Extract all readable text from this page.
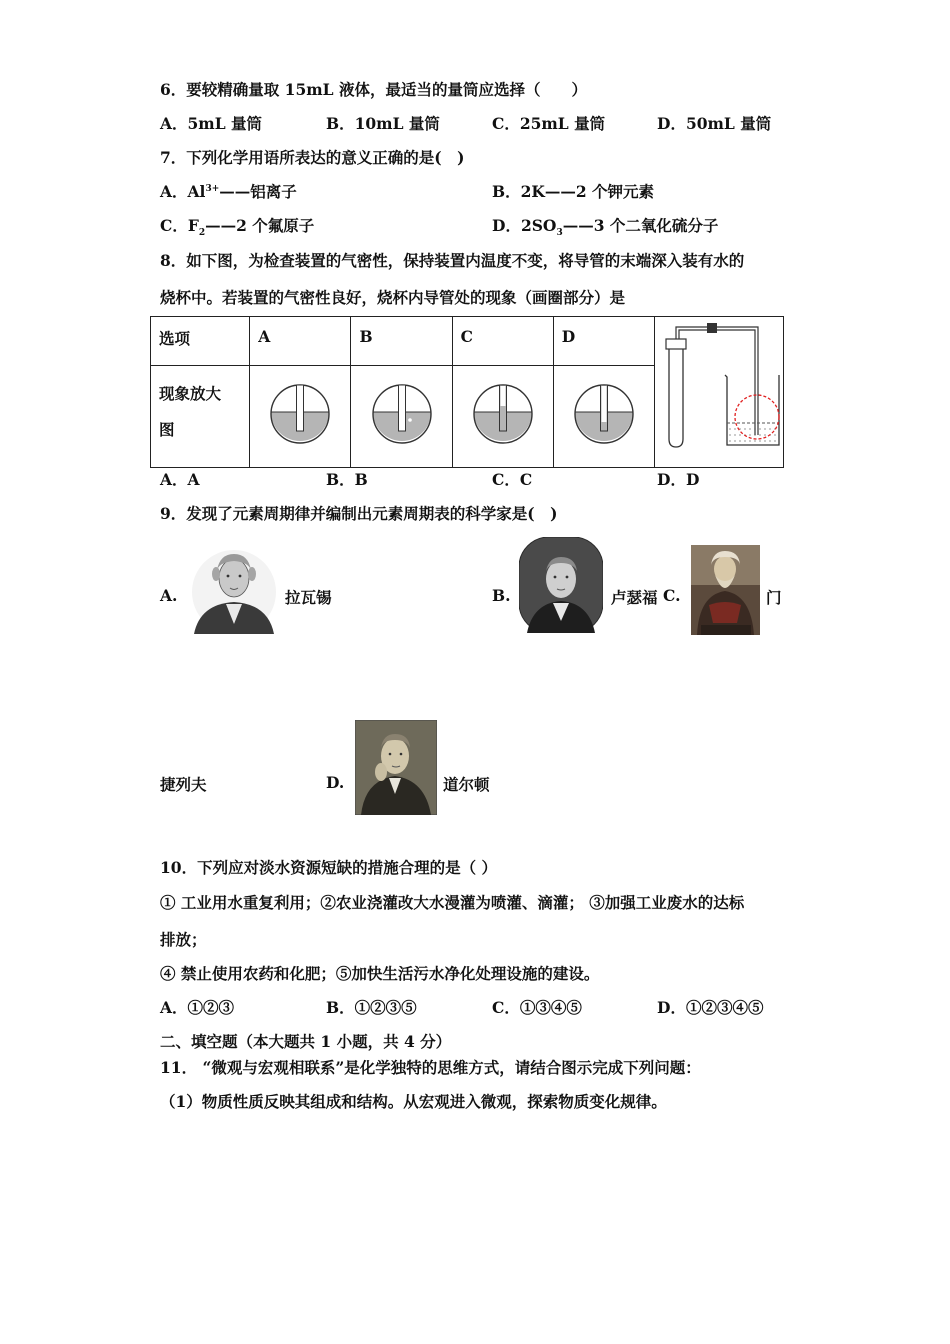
6．要较精确量取 15mL 液体，最适当的量筒应选择（　　）
A．5mL 量筒	B．10mL 量筒	C．25mL 量筒	D．50mL 量筒
7．下列化学用语所表达的意义正确的是(　)
A．$Al^{3+}——$铝离子	B．2K——2 个钾元素
C．$F_2——2$ 个氟原子	D．$2SO_3——3$ 个二氧化硫分子
8．如下图，为检查装置的气密性，保持装置内温度不变，将导管的末端深入装有水的
烧杯中。若装置的气密性良好，烧杯内导管处的现象（画圈部分）是
选项	A	B	C	D

现象放大
图

A．A	B．B	C．C	D．D
9．发现了元素周期律并编制出元素周期表的科学家是(　)
A.	拉瓦锡	B.	卢瑟福 C.	门
捷列夫	D.	道尔顿
10．下列应对淡水资源短缺的措施合理的是（ ）
① 工业用水重复利用；②农业浇灌改大水漫灌为喷灌、滴灌； ③加强工业废水的达标
排放；
④ 禁止使用农药和化肥；⑤加快生活污水净化处理设施的建设。
A．①②③	B．①②③⑤	C．①③④⑤	D．①②③④⑤
二、填空题（本大题共 1 小题，共 4 分）
11． “微观与宏观相联系”是化学独特的思维方式，请结合图示完成下列问题：
（1）物质性质反映其组成和结构。从宏观进入微观，探索物质变化规律。
